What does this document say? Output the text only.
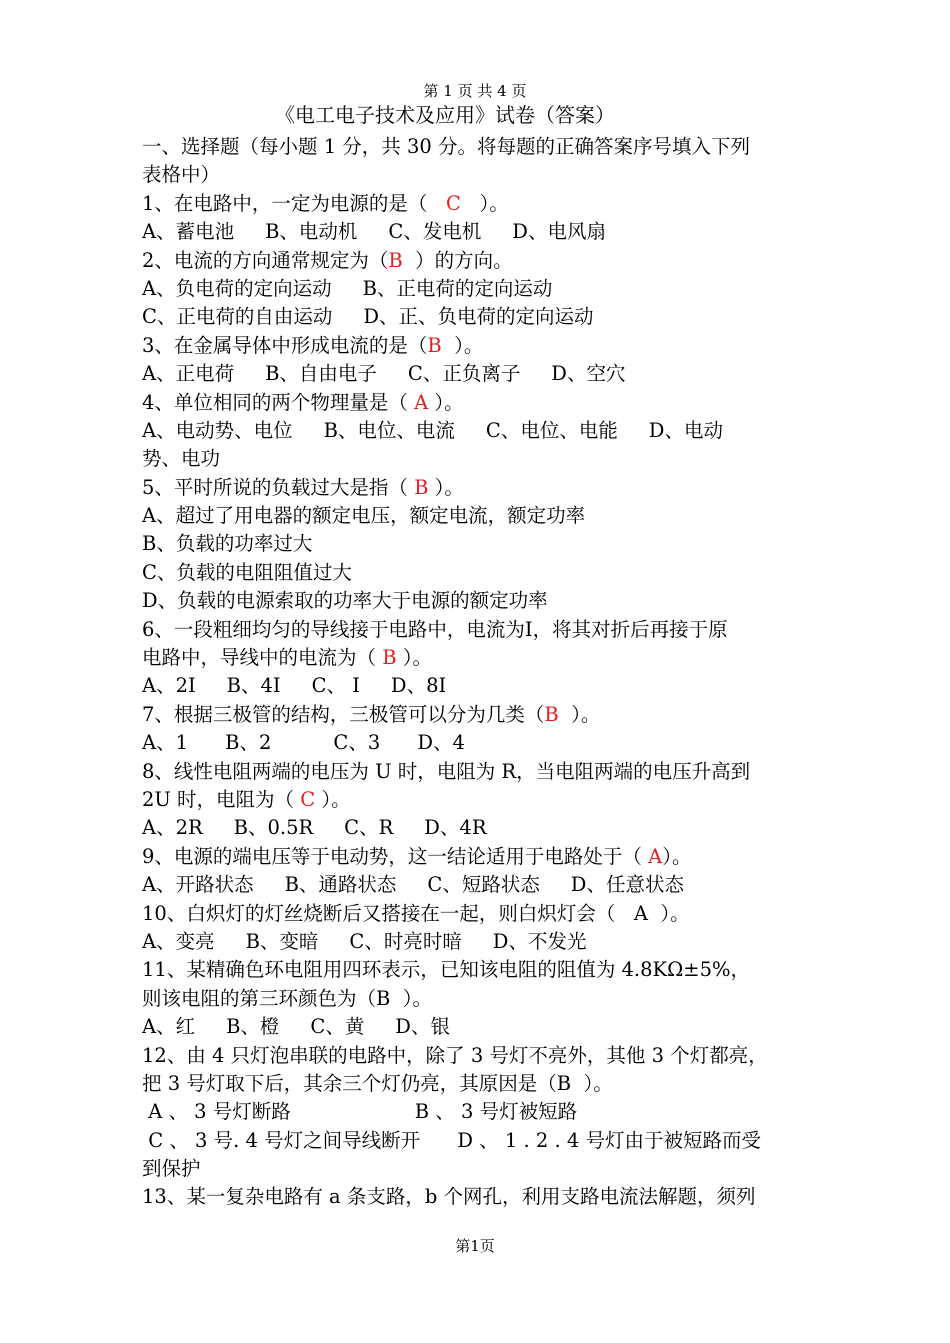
第 1 页 共 4 页
《电工电子技术及应用》试卷（答案）
一、选择题（每小题 1 分，共 30 分。将每题的正确答案序号填入下列
表格中）
1、在电路中，一定为电源的是（   C   ）。
A、蓄电池     B、电动机     C、发电机     D、电风扇
2、电流的方向通常规定为（B  ）的方向。
A、负电荷的定向运动     B、正电荷的定向运动
C、正电荷的自由运动     D、正、负电荷的定向运动
3、在金属导体中形成电流的是（B  ）。
A、正电荷     B、自由电子     C、正负离子     D、空穴
4、单位相同的两个物理量是（ A ）。
A、电动势、电位     B、电位、电流     C、电位、电能     D、电动
势、电功
5、平时所说的负载过大是指（ B ）。
A、超过了用电器的额定电压，额定电流，额定功率
B、负载的功率过大
C、负载的电阻阻值过大
D、负载的电源索取的功率大于电源的额定功率
6、一段粗细均匀的导线接于电路中，电流为Ⅰ，将其对折后再接于原
电路中，导线中的电流为（ B ）。
A、2Ⅰ     B、4Ⅰ     C、 Ⅰ     D、8Ⅰ
7、根据三极管的结构，三极管可以分为几类（B  ）。
A、1      B、2          C、3      D、4
8、线性电阻两端的电压为 U 时，电阻为 R，当电阻两端的电压升高到
2U 时，电阻为（ C ）。
A、2R     B、0.5R     C、R     D、4R
9、电源的端电压等于电动势，这一结论适用于电路处于（ A）。
A、开路状态     B、通路状态     C、短路状态     D、任意状态
10、白炽灯的灯丝烧断后又搭接在一起，则白炽灯会（   A  ）。
A、变亮     B、变暗     C、时亮时暗     D、不发光
11、某精确色环电阻用四环表示，已知该电阻的阻值为 4.8KΩ±5%，
则该电阻的第三环颜色为（B  ）。
A、红     B、橙     C、黄     D、银
12、由 4 只灯泡串联的电路中，除了 3 号灯不亮外，其他 3 个灯都亮，
把 3 号灯取下后，其余三个灯仍亮，其原因是（B  ）。
A 、 3 号灯断路                    B 、 3 号灯被短路
C 、 3 号. 4 号灯之间导线断开      D 、 1 . 2 . 4 号灯由于被短路而受
到保护
13、某一复杂电路有 a 条支路，b 个网孔，利用支路电流法解题，须列
第1页
